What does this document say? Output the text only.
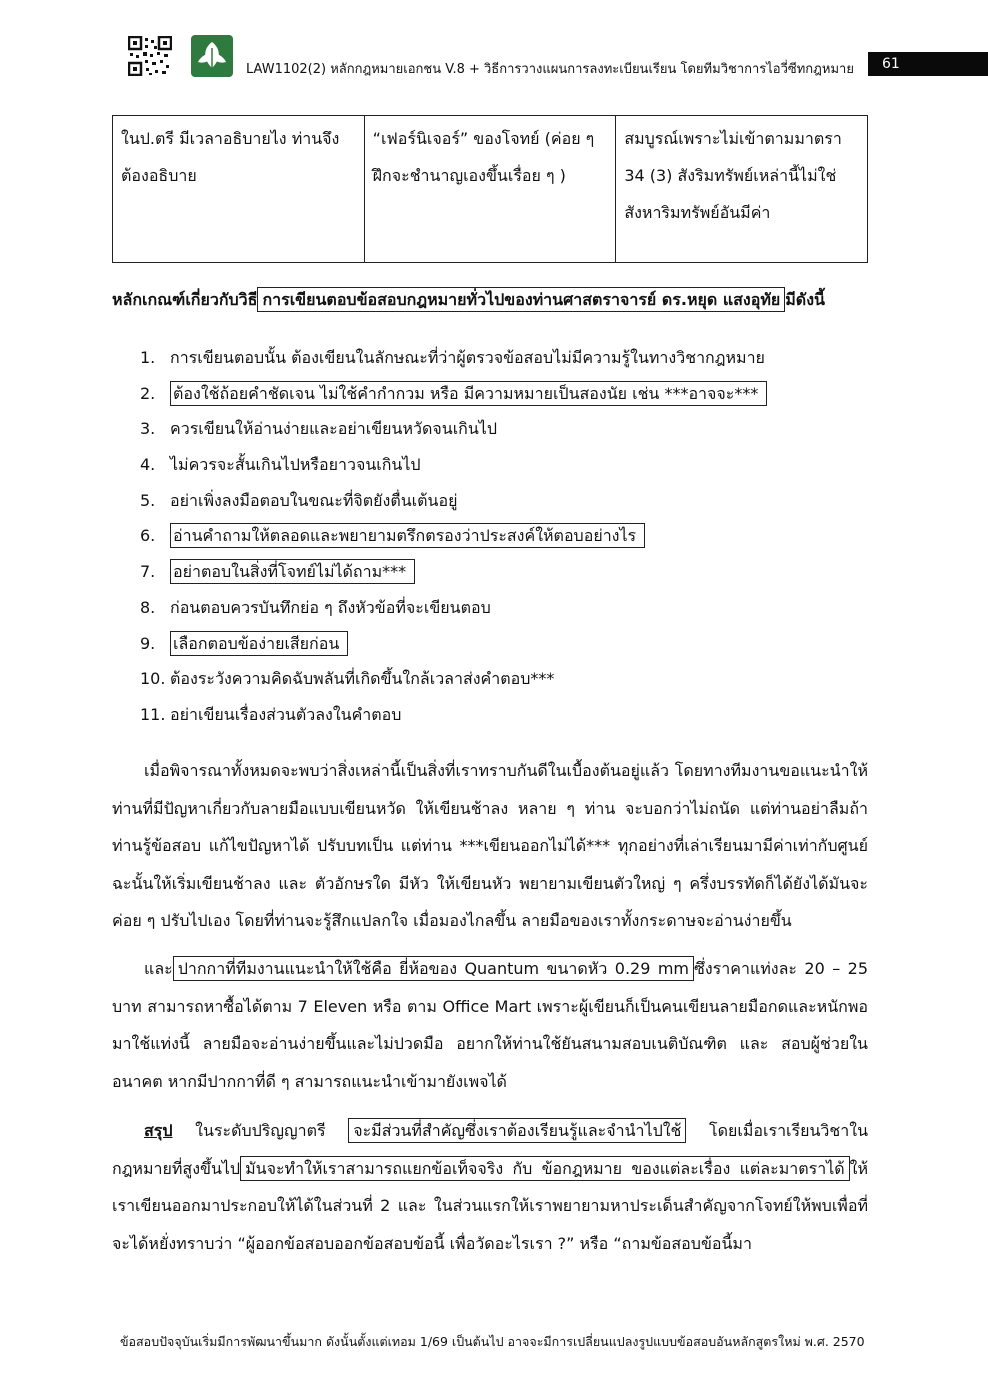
LAW1102(2) หลักกฎหมายเอกชน V.8 + วิธีการวางแผนการลงทะเบียนเรียน โดยทีมวิชาการไอวี่ซีทกฎหมาย	61
ในป.ตรี มีเวลาอธิบายไง ท่านจึงต้องอธิบาย	“เฟอร์นิเจอร์” ของโจทย์ (ค่อย ๆ ฝึกจะชำนาญเองขึ้นเรื่อย ๆ )	สมบูรณ์เพราะไม่เข้าตามมาตรา 34 (3) สังริมทรัพย์เหล่านี้ไม่ใช่สังหาริมทรัพย์อันมีค่า
หลักเกณฑ์เกี่ยวกับวิธี การเขียนตอบข้อสอบกฎหมายทั่วไปของท่านศาสตราจารย์ ดร.หยุด แสงอุทัย มีดังนี้
1. การเขียนตอบนั้น ต้องเขียนในลักษณะที่ว่าผู้ตรวจข้อสอบไม่มีความรู้ในทางวิชากฎหมาย
2. ต้องใช้ถ้อยคำชัดเจน ไม่ใช้คำกำกวม หรือ มีความหมายเป็นสองนัย เช่น ***อาจจะ***
3. ควรเขียนให้อ่านง่ายและอย่าเขียนหวัดจนเกินไป
4. ไม่ควรจะสั้นเกินไปหรือยาวจนเกินไป
5. อย่าเพิ่งลงมือตอบในขณะที่จิตยังตื่นเต้นอยู่
6. อ่านคำถามให้ตลอดและพยายามตรึกตรองว่าประสงค์ให้ตอบอย่างไร
7. อย่าตอบในสิ่งที่โจทย์ไม่ได้ถาม***
8. ก่อนตอบควรบันทึกย่อ ๆ ถึงหัวข้อที่จะเขียนตอบ
9. เลือกตอบข้อง่ายเสียก่อน
10. ต้องระวังความคิดฉับพลันที่เกิดขึ้นใกล้เวลาส่งคำตอบ***
11. อย่าเขียนเรื่องส่วนตัวลงในคำตอบ

เมื่อพิจารณาทั้งหมดจะพบว่าสิ่งเหล่านี้เป็นสิ่งที่เราทราบกันดีในเบื้องต้นอยู่แล้ว โดยทางทีมงานขอแนะนำให้ท่านที่มีปัญหาเกี่ยวกับลายมือแบบเขียนหวัด ให้เขียนช้าลง หลาย ๆ ท่าน จะบอกว่าไม่ถนัด แต่ท่านอย่าลืมถ้าท่านรู้ข้อสอบ แก้ไขปัญหาได้ ปรับบทเป็น แต่ท่าน ***เขียนออกไม่ได้*** ทุกอย่างที่เล่าเรียนมามีค่าเท่ากับศูนย์ ฉะนั้นให้เริ่มเขียนช้าลง และ ตัวอักษรใด มีหัว ให้เขียนหัว พยายามเขียนตัวใหญ่ ๆ ครึ่งบรรทัดก็ได้ยังได้มันจะค่อย ๆ ปรับไปเอง โดยที่ท่านจะรู้สึกแปลกใจ เมื่อมองไกลขึ้น ลายมือของเราทั้งกระดาษจะอ่านง่ายขึ้น

และ ปากกาที่ทีมงานแนะนำให้ใช้คือ ยี่ห้อของ Quantum ขนาดหัว 0.29 mm ซึ่งราคาแท่งละ 20 – 25 บาท สามารถหาซื้อได้ตาม 7 Eleven หรือ ตาม Office Mart เพราะผู้เขียนก็เป็นคนเขียนลายมือกดและหนักพอมาใช้แท่งนี้ ลายมือจะอ่านง่ายขึ้นและไม่ปวดมือ อยากให้ท่านใช้ยันสนามสอบเนติบัณฑิต และ สอบผู้ช่วยในอนาคต หากมีปากกาที่ดี ๆ สามารถแนะนำเข้ามายังเพจได้

สรุป ในระดับปริญญาตรี จะมีส่วนที่สำคัญซึ่งเราต้องเรียนรู้และจำนำไปใช้ โดยเมื่อเราเรียนวิชาในกฎหมายที่สูงขึ้นไป มันจะทำให้เราสามารถแยกข้อเท็จจริง กับ ข้อกฎหมาย ของแต่ละเรื่อง แต่ละมาตราได้ ให้เราเขียนออกมาประกอบให้ได้ในส่วนที่ 2 และ ในส่วนแรกให้เราพยายามหาประเด็นสำคัญจากโจทย์ให้พบเพื่อที่จะได้หยั่งทราบว่า “ผู้ออกข้อสอบออกข้อสอบข้อนี้ เพื่อวัดอะไรเรา ?” หรือ “ถามข้อสอบข้อนี้มา

ข้อสอบปัจจุบันเริ่มมีการพัฒนาขึ้นมาก ดังนั้นตั้งแต่เทอม 1/69 เป็นต้นไป อาจจะมีการเปลี่ยนแปลงรูปแบบข้อสอบอันหลักสูตรใหม่ พ.ศ. 2570
